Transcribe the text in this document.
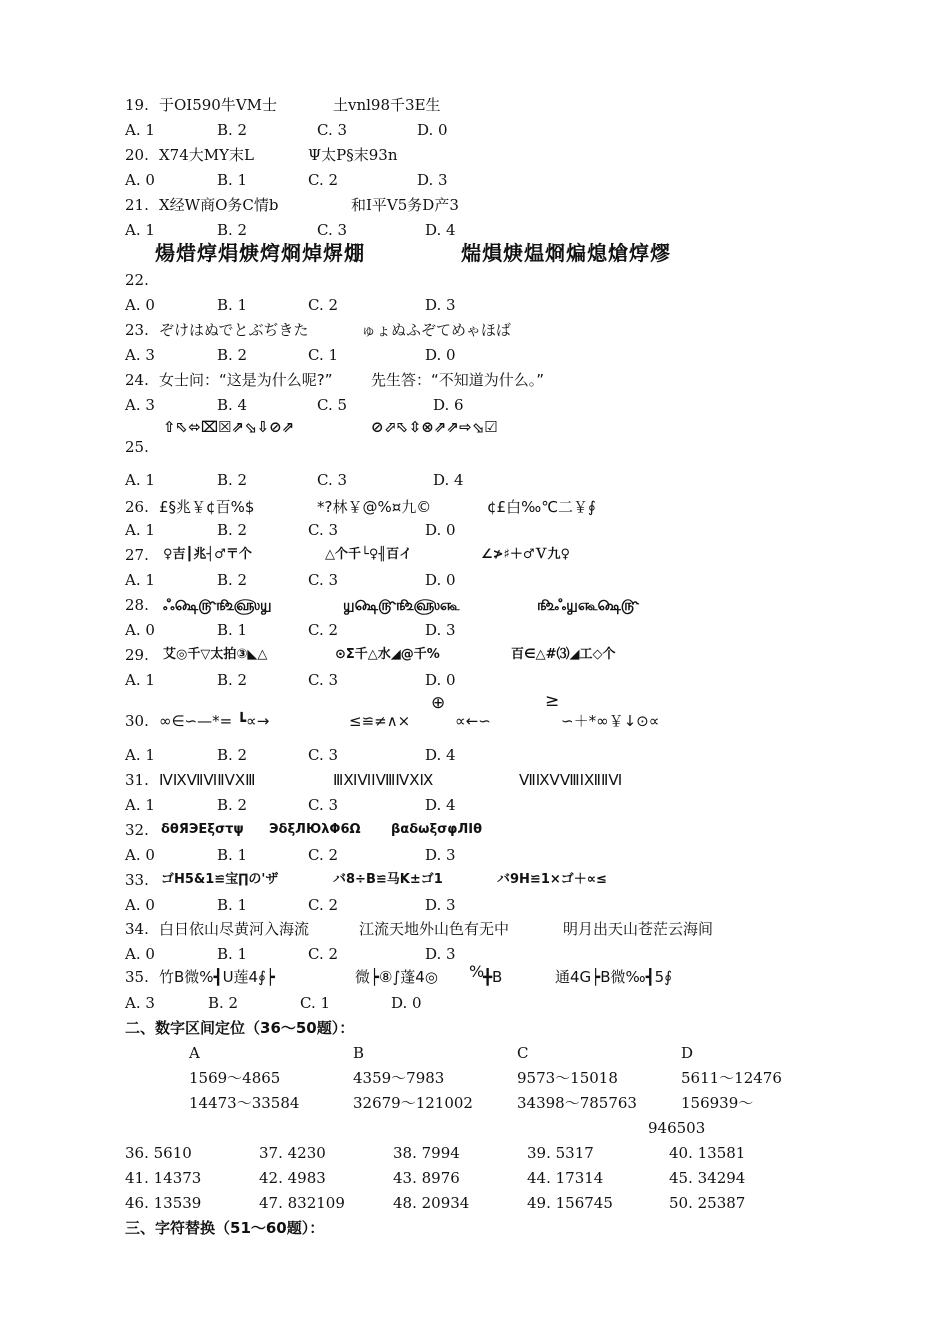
19. 于OI590牛VM士	土vnl98千3E生
A. 1	B. 2	C. 3	D. 0
20. X74大MY末L	Ψ太P§末93n
A. 0	B. 1	C. 2	D. 3
21. X经W商O务C情b	和I平V5务D产3
A. 1	B. 2	C. 3	D. 4
煬焟焞焆焿焪烱焯焺焩	煓熉焿煴烱煸熄熗焞熮
22.
A. 0	B. 1	C. 2	D. 3
23. ぞけはぬでとぶぢきた	ゅょぬふぞてめゃほば
A. 3	B. 2	C. 1	D. 0
24. 女士问：“这是为什么呢?”	先生答：“不知道为什么。”
A. 3	B. 4	C. 5	D. 6
⇧⬁⬄⌧☒⇗⬂⇩⊘⇗	⊘⬀⬁⇳⊗⇗⇗⇨⬂☑
25.
A. 1	B. 2	C. 3	D. 4
26. £§兆￥¢百%$	*?林￥@%¤九©	¢£白‰℃二￥∮
A. 1	B. 2	C. 3	D. 0
27. ♀吉┃兆┤♂〒个	△个千└♀╢百イ	∠≯♯＋♂Ｖ九♀
A. 1	B. 2	C. 3	D. 0
28. ஃ௸௹௺௵௶	௶௸௹௺௵௷	௺ஃ௶௷௸௹
A. 0	B. 1	C. 2	D. 3
29. 艾◎千▽太拍③◣△	⊙Σ千△水◢@千%	百∈△#⑶◢工◇个
A. 1	B. 2	C. 3	D. 0
⊕	≥
30. ∞∈∽—*= ┗∝→	≤≌≠∧×	∝←∽	∽＋*∞￥↓⊙∝
A. 1	B. 2	C. 3	D. 4
31. ⅣⅨⅦⅥⅡⅤⅩⅢ	ⅢⅪⅥⅠⅧⅣⅩⅨ	ⅦⅨⅤⅧⅠⅫⅡⅥ
A. 1	B. 2	C. 3	D. 4
32. δθЯЭЕξστψ ЭδξЛЮλΦ6Ω βαδωξσφЛΙθ
A. 0	B. 1	C. 2	D. 3
33. ゴH5&1≌宝∏の'ザ	バ8÷B≌马K±ゴ1	バ9H≌1×ゴ＋∝≤
A. 0	B. 1	C. 2	D. 3
34. 白日依山尽黄河入海流	江流天地外山色有无中	明月出天山苍茫云海间
A. 0	B. 1	C. 2	D. 3
35. 竹B微%┫U莲4∮┝	微┝⑧∫蓬4◎ %
╋B	通4G┝B微‰┫5∮
A. 3	B. 2	C. 1	D. 0
二、数字区间定位（36～50题）：
A	B	C	D
1569～4865	4359～7983	9573～15018	5611～12476
14473～33584	32679～121002	34398～785763	156939～
946503
36. 5610	37. 4230	38. 7994	39. 5317	40. 13581
41. 14373	42. 4983	43. 8976	44. 17314	45. 34294
46. 13539	47. 832109	48. 20934	49. 156745	50. 25387
三、字符替换（51～60题）：
